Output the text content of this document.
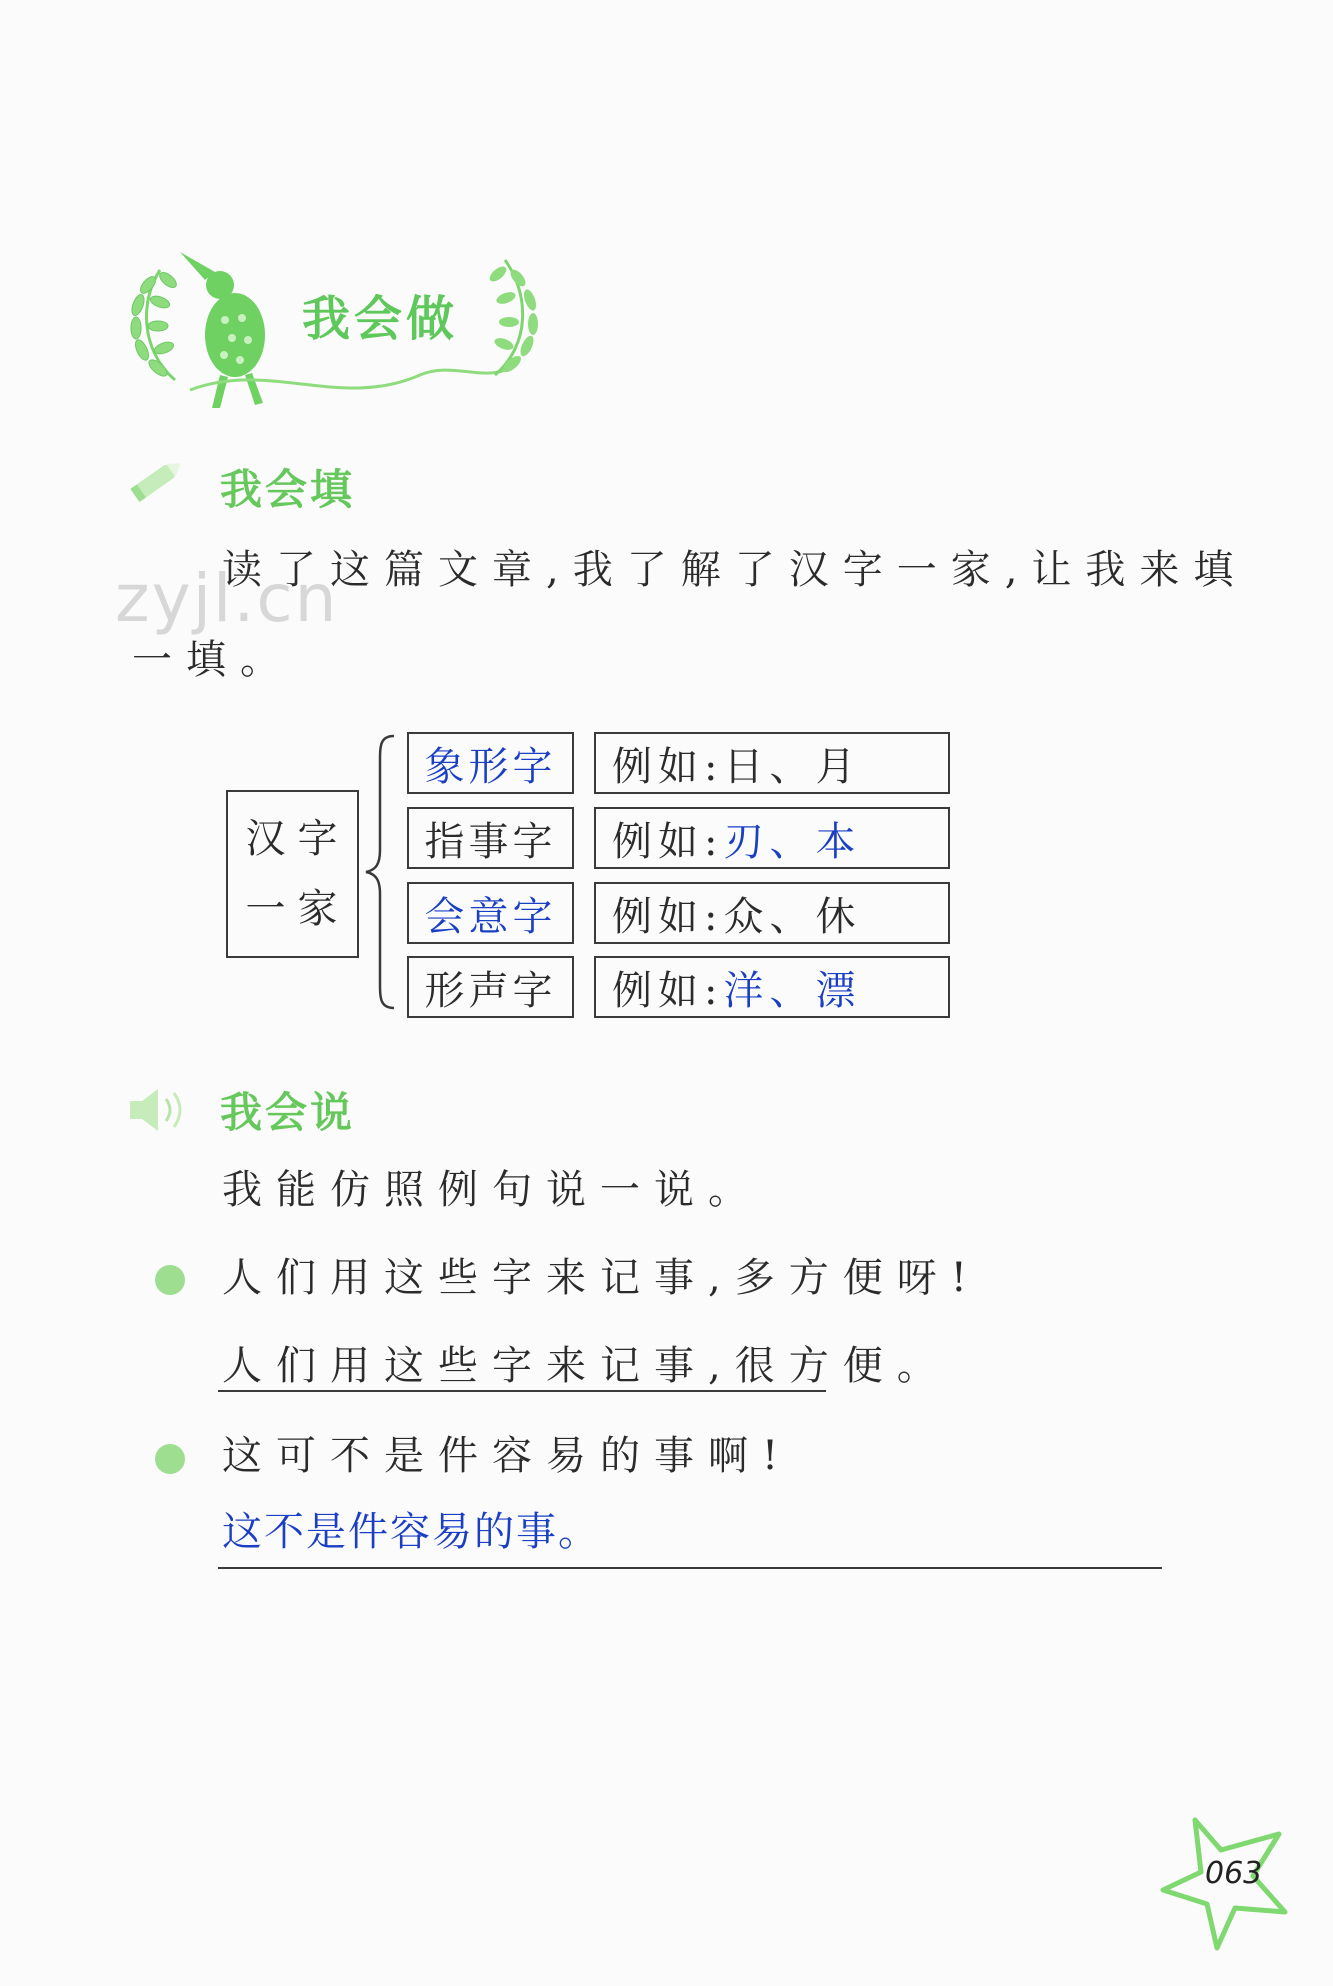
我会做
我会填
zyjl.cn
读了这篇文章,我了解了汉字一家,让我来填
一填。
汉字
一家
象形字	例如: 日、月
指事字	例如: 刃、本
会意字	例如: 众、休
形声字	例如: 洋、漂
我会说
我能仿照例句说一说。
人们用这些字来记事,多方便呀!
人们用这些字来记事,很方便。
这可不是件容易的事啊!
这不是件容易的事。
063
